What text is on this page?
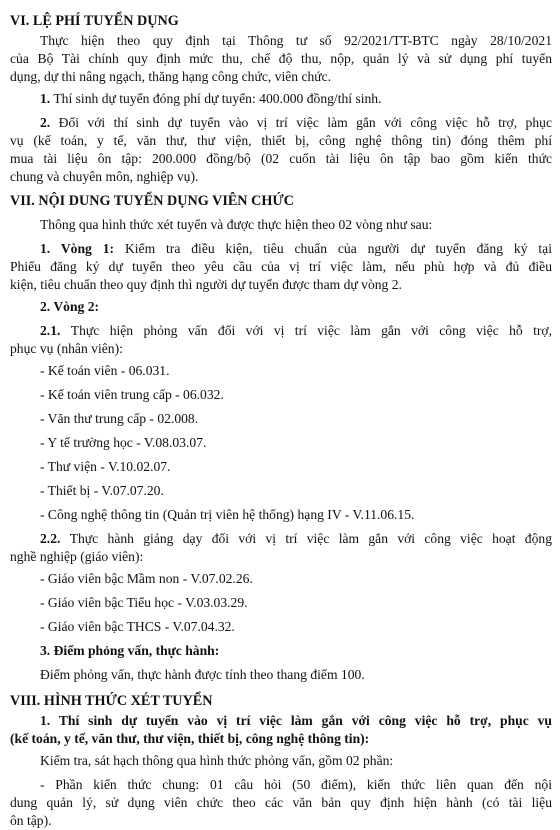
VI. LỆ PHÍ TUYỂN DỤNG
Thực hiện theo quy định tại Thông tư số 92/2021/TT-BTC ngày 28/10/2021
của Bộ Tài chính quy định mức thu, chế độ thu, nộp, quản lý và sử dụng phí tuyển
dụng, dự thi nâng ngạch, thăng hạng công chức, viên chức.
1. Thí sinh dự tuyển đóng phí dự tuyển: 400.000 đồng/thí sinh.
2. Đối với thí sinh dự tuyển vào vị trí việc làm gắn với công việc hỗ trợ, phục
vụ (kế toán, y tế, văn thư, thư viện, thiết bị, công nghệ thông tin) đóng thêm phí
mua tài liệu ôn tập: 200.000 đồng/bộ (02 cuốn tài liệu ôn tập bao gồm kiến thức
chung và chuyên môn, nghiệp vụ).
VII. NỘI DUNG TUYỂN DỤNG VIÊN CHỨC
Thông qua hình thức xét tuyển và được thực hiện theo 02 vòng như sau:
1. Vòng 1: Kiểm tra điều kiện, tiêu chuẩn của người dự tuyển đăng ký tại
Phiếu đăng ký dự tuyển theo yêu cầu của vị trí việc làm, nếu phù hợp và đủ điều
kiện, tiêu chuẩn theo quy định thì người dự tuyển được tham dự vòng 2.
2. Vòng 2:
2.1. Thực hiện phỏng vấn đối với vị trí việc làm gắn với công việc hỗ trợ,
phục vụ (nhân viên):
- Kế toán viên - 06.031.
- Kế toán viên trung cấp - 06.032.
- Văn thư trung cấp - 02.008.
- Y tế trường học - V.08.03.07.
- Thư viện - V.10.02.07.
- Thiết bị - V.07.07.20.
- Công nghệ thông tin (Quản trị viên hệ thống) hạng IV - V.11.06.15.
2.2. Thực hành giảng dạy đối với vị trí việc làm gắn với công việc hoạt động
nghề nghiệp (giáo viên):
- Giáo viên bậc Mầm non - V.07.02.26.
- Giáo viên bậc Tiểu học - V.03.03.29.
- Giáo viên bậc THCS - V.07.04.32.
3. Điểm phỏng vấn, thực hành:
Điểm phỏng vấn, thực hành được tính theo thang điểm 100.
VIII. HÌNH THỨC XÉT TUYỂN
1. Thí sinh dự tuyển vào vị trí việc làm gắn với công việc hỗ trợ, phục vụ
(kế toán, y tế, văn thư, thư viện, thiết bị, công nghệ thông tin):
Kiểm tra, sát hạch thông qua hình thức phỏng vấn, gồm 02 phần:
- Phần kiến thức chung: 01 câu hỏi (50 điểm), kiến thức liên quan đến nội
dung quản lý, sử dụng viên chức theo các văn bản quy định hiện hành (có tài liệu
ôn tập).
